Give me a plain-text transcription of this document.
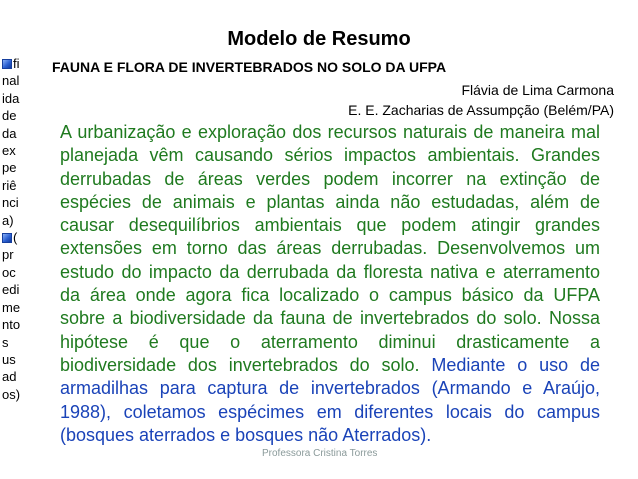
Modelo de Resumo
fi
nal
ida
de
da
ex
pe
riê
nci
a)
(
pr
oc
edi
me
nto
s
us
ad
os)
FAUNA E FLORA DE INVERTEBRADOS NO SOLO DA UFPA
Flávia de Lima Carmona
E. E. Zacharias de Assumpção (Belém/PA)
A urbanização e exploração dos recursos naturais de maneira mal planejada vêm causando sérios impactos ambientais. Grandes derrubadas de áreas verdes podem incorrer na extinção de espécies de animais e plantas ainda não estudadas, além de causar desequilíbrios ambientais que podem atingir grandes extensões em torno das áreas derrubadas. Desenvolvemos um estudo do impacto da derrubada da floresta nativa e aterramento da área onde agora fica localizado o campus básico da UFPA sobre a biodiversidade da fauna de invertebrados do solo. Nossa hipótese é que o aterramento diminui drasticamente a biodiversidade dos invertebrados do solo. Mediante o uso de armadilhas para captura de invertebrados (Armando e Araújo, 1988), coletamos espécimes em diferentes locais do campus (bosques aterrados e bosques não Aterrados).
Professora Cristina Torres
